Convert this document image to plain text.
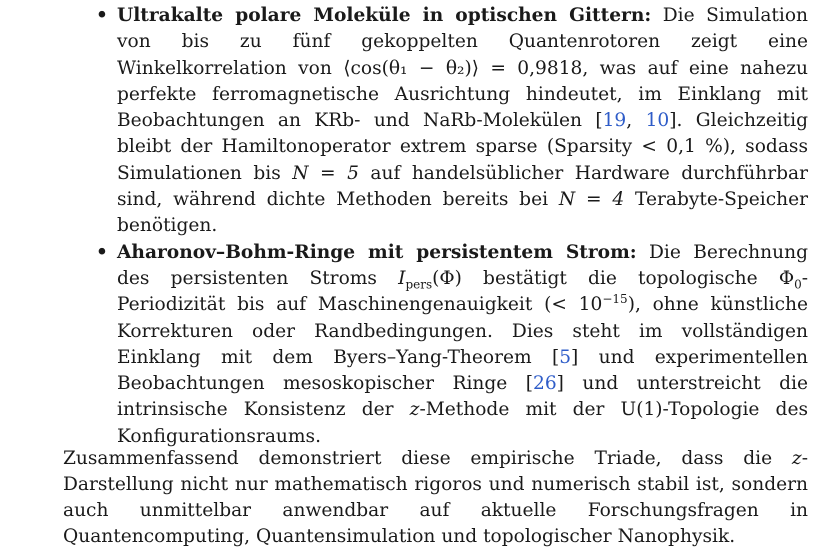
• Ultrakalte polare Moleküle in optischen Gittern: Die Simulation von bis zu fünf gekoppelten Quantenrotoren zeigt eine Winkelkorrelation von ⟨cos(θ₁ − θ₂)⟩ = 0,9818, was auf eine nahezu perfekte ferromagnetische Ausrichtung hindeutet, im Einklang mit Beobachtungen an KRb- und NaRb-Molekülen [19, 10]. Gleichzeitig bleibt der Hamiltonoperator extrem sparse (Sparsity < 0,1 %), sodass Simulationen bis N = 5 auf handelsüblicher Hardware durchführbar sind, während dichte Methoden bereits bei N = 4 Terabyte-Speicher benötigen.
• Aharonov–Bohm-Ringe mit persistentem Strom: Die Berechnung des persistenten Stroms $I_{pers}(\Phi)$ bestätigt die topologische $\Phi_0$-Periodizität bis auf Maschinengenauigkeit (< $10^{-15}$), ohne künstliche Korrekturen oder Randbedingungen. Dies steht im vollständigen Einklang mit dem Byers–Yang-Theorem [5] und experimentellen Beobachtungen mesoskopischer Ringe [26] und unterstreicht die intrinsische Konsistenz der z-Methode mit der U(1)-Topologie des Konfigurationsraums.

Zusammenfassend demonstriert diese empirische Triade, dass die z-Darstellung nicht nur mathematisch rigoros und numerisch stabil ist, sondern auch unmittelbar anwendbar auf aktuelle Forschungsfragen in Quantencomputing, Quantensimulation und topologischer Nanophysik.
